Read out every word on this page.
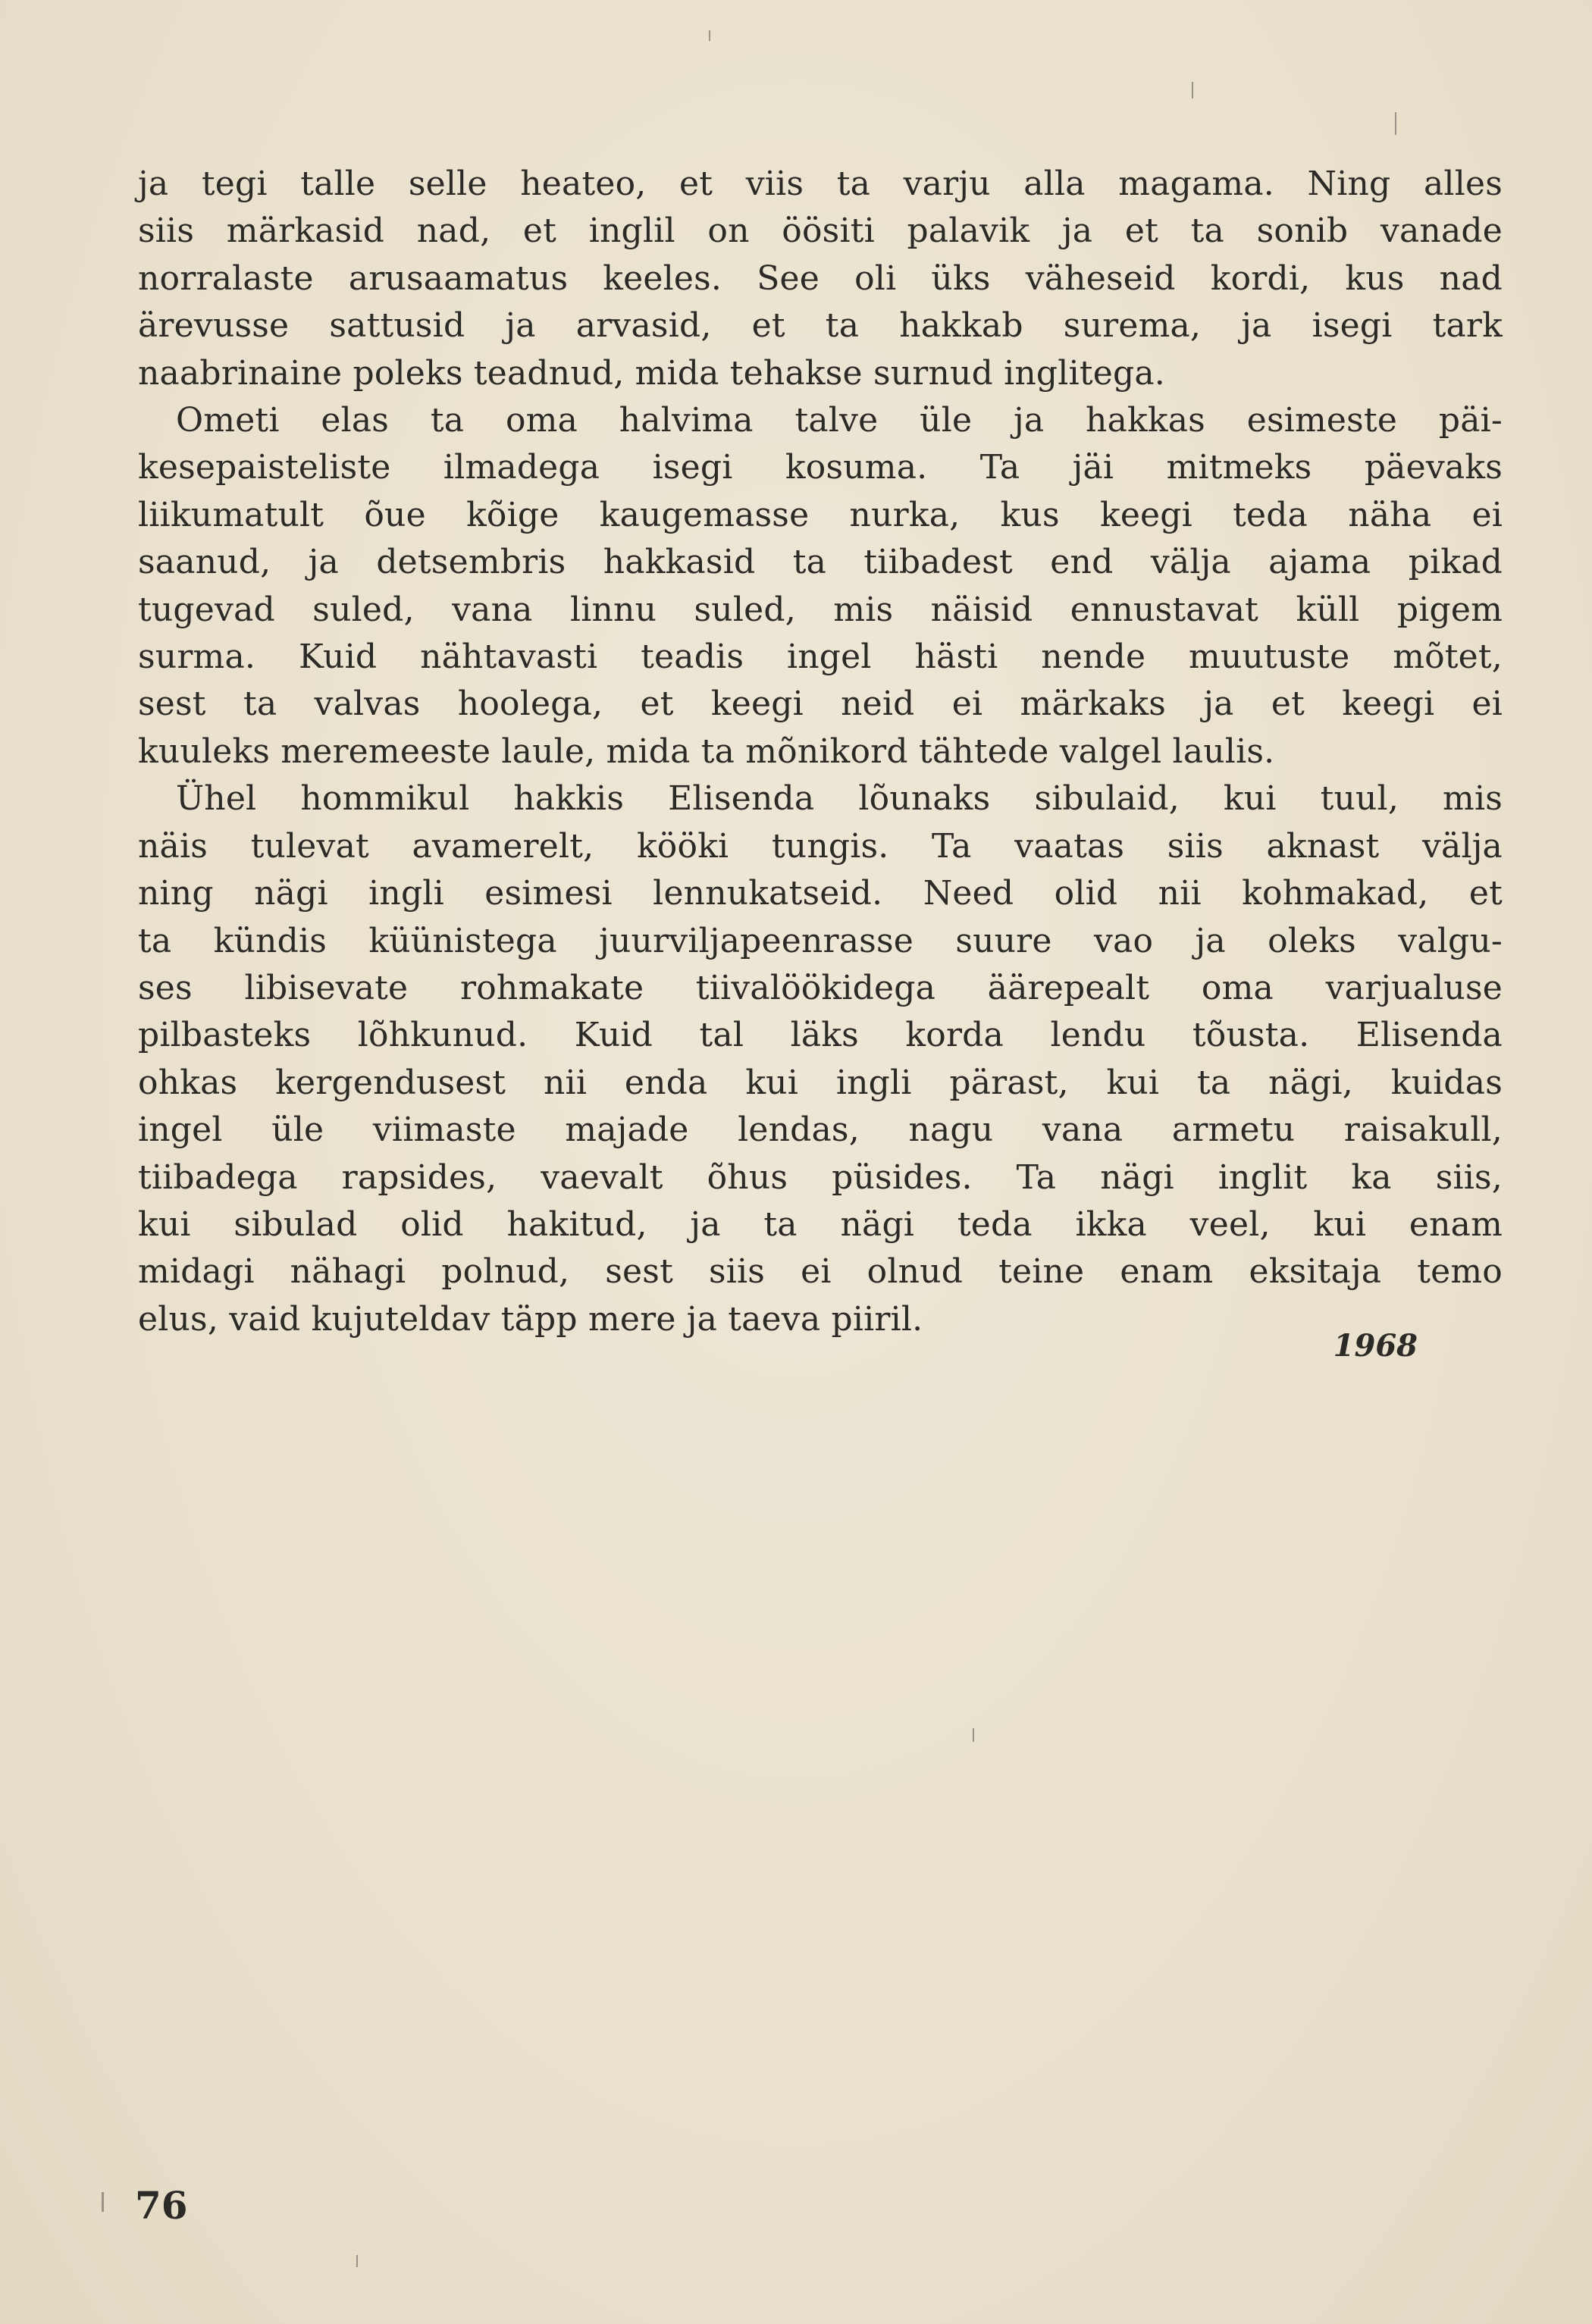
ja tegi talle selle heateo, et viis ta varju alla magama. Ning alles
siis märkasid nad, et inglil on öösiti palavik ja et ta sonib vanade
norralaste arusaamatus keeles. See oli üks väheseid kordi, kus nad
ärevusse sattusid ja arvasid, et ta hakkab surema, ja isegi tark
naabrinaine poleks teadnud, mida tehakse surnud inglitega.

Ometi elas ta oma halvima talve üle ja hakkas esimeste päi-
kesepaisteliste ilmadega isegi kosuma. Ta jäi mitmeks päevaks
liikumatult õue kõige kaugemasse nurka, kus keegi teda näha ei
saanud, ja detsembris hakkasid ta tiibadest end välja ajama pikad
tugevad suled, vana linnu suled, mis näisid ennustavat küll pigem
surma. Kuid nähtavasti teadis ingel hästi nende muutuste mõtet,
sest ta valvas hoolega, et keegi neid ei märkaks ja et keegi ei
kuuleks meremeeste laule, mida ta mõnikord tähtede valgel laulis.

Ühel hommikul hakkis Elisenda lõunaks sibulaid, kui tuul, mis
näis tulevat avamerelt, kööki tungis. Ta vaatas siis aknast välja
ning nägi ingli esimesi lennukatseid. Need olid nii kohmakad, et
ta kündis küünistega juurviljapeenrasse suure vao ja oleks valgu-
ses libisevate rohmakate tiivalöökidega äärepealt oma varjualuse
pilbasteks lõhkunud. Kuid tal läks korda lendu tõusta. Elisenda
ohkas kergendusest nii enda kui ingli pärast, kui ta nägi, kuidas
ingel üle viimaste majade lendas, nagu vana armetu raisakull,
tiibadega rapsides, vaevalt õhus püsides. Ta nägi inglit ka siis,
kui sibulad olid hakitud, ja ta nägi teda ikka veel, kui enam
midagi nähagi polnud, sest siis ei olnud teine enam eksitaja temo
elus, vaid kujuteldav täpp mere ja taeva piiril.

1968
76
